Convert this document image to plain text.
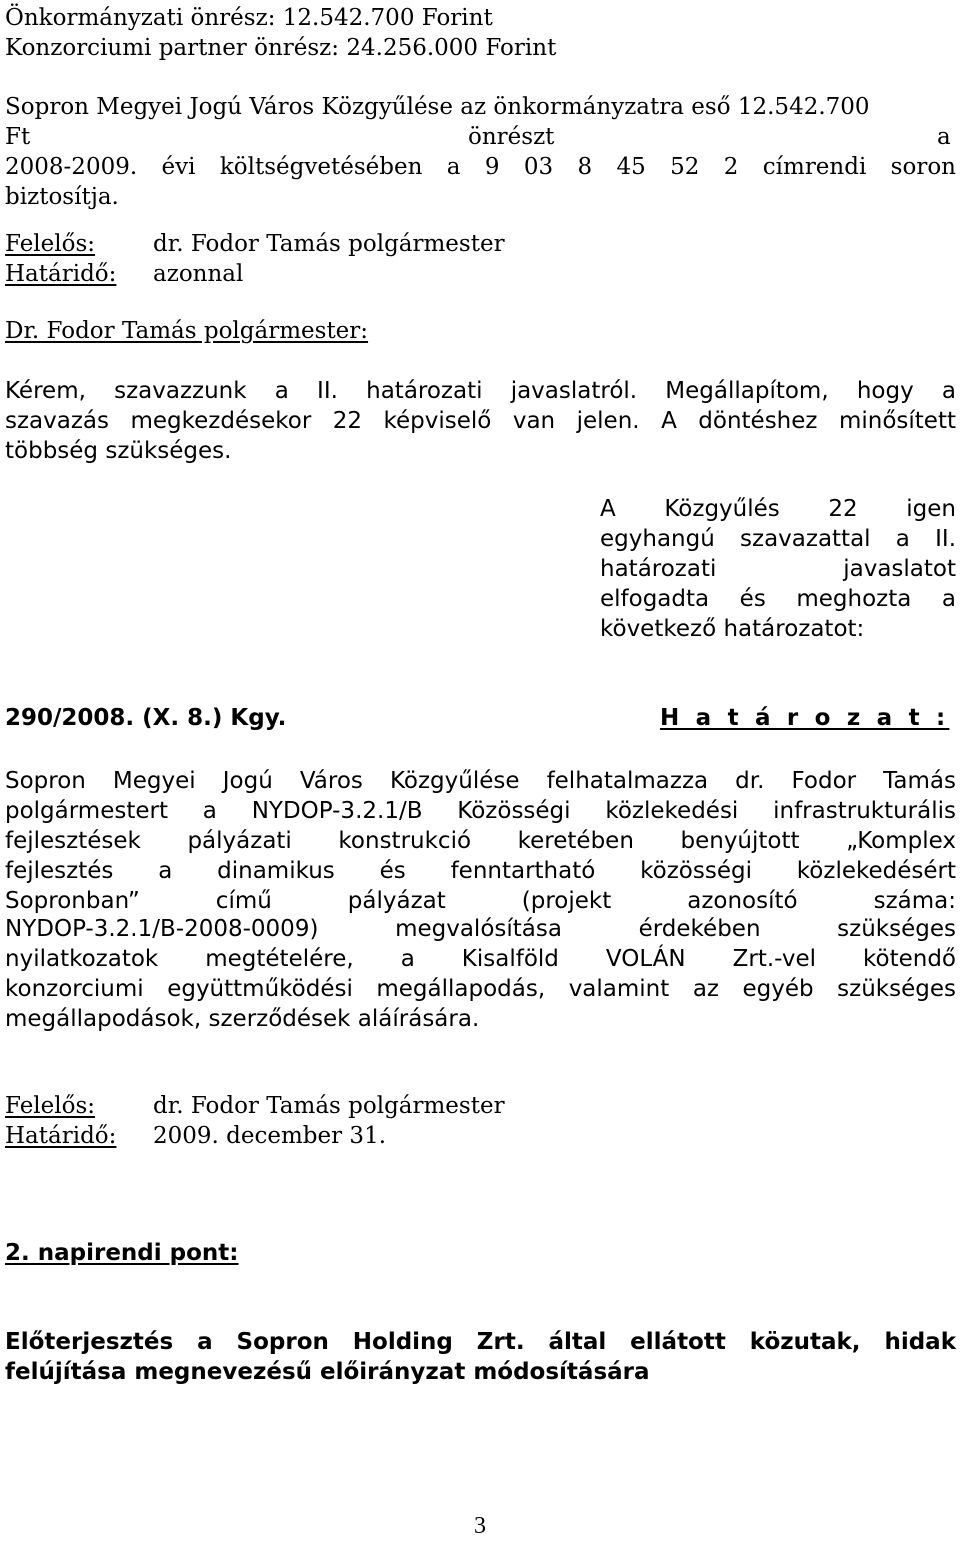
Önkormányzati önrész: 12.542.700 Forint
Konzorciumi partner önrész: 24.256.000 Forint
Sopron Megyei Jogú Város Közgyűlése az önkormányzatra eső 12.542.700
Ft	önrészt	a
2008-2009. évi költségvetésében a 9 03 8 45 52 2 címrendi soron
biztosítja.
Felelős:	dr. Fodor Tamás polgármester
Határidő: azonnal
Dr. Fodor Tamás polgármester:
Kérem, szavazzunk a II. határozati javaslatról. Megállapítom, hogy a
szavazás megkezdésekor 22 képviselő van jelen. A döntéshez minősített
többség szükséges.
A Közgyűlés 22 igen
egyhangú szavazattal a II.
határozati javaslatot
elfogadta és meghozta a
következő határozatot:
290/2008. (X. 8.) Kgy.	H a t á r o z a t :
Sopron Megyei Jogú Város Közgyűlése felhatalmazza dr. Fodor Tamás
polgármestert a NYDOP-3.2.1/B Közösségi közlekedési infrastrukturális
fejlesztések pályázati konstrukció keretében benyújtott „Komplex
fejlesztés a dinamikus és fenntartható közösségi közlekedésért
Sopronban” című pályázat (projekt azonosító száma:
NYDOP-3.2.1/B-2008-0009) megvalósítása érdekében szükséges
nyilatkozatok megtételére, a Kisalföld VOLÁN Zrt.-vel kötendő
konzorciumi együttműködési megállapodás, valamint az egyéb szükséges
megállapodások, szerződések aláírására.
Felelős:	dr. Fodor Tamás polgármester
Határidő: 2009. december 31.
2. napirendi pont:
Előterjesztés a Sopron Holding Zrt. által ellátott közutak, hidak
felújítása megnevezésű előirányzat módosítására
3
